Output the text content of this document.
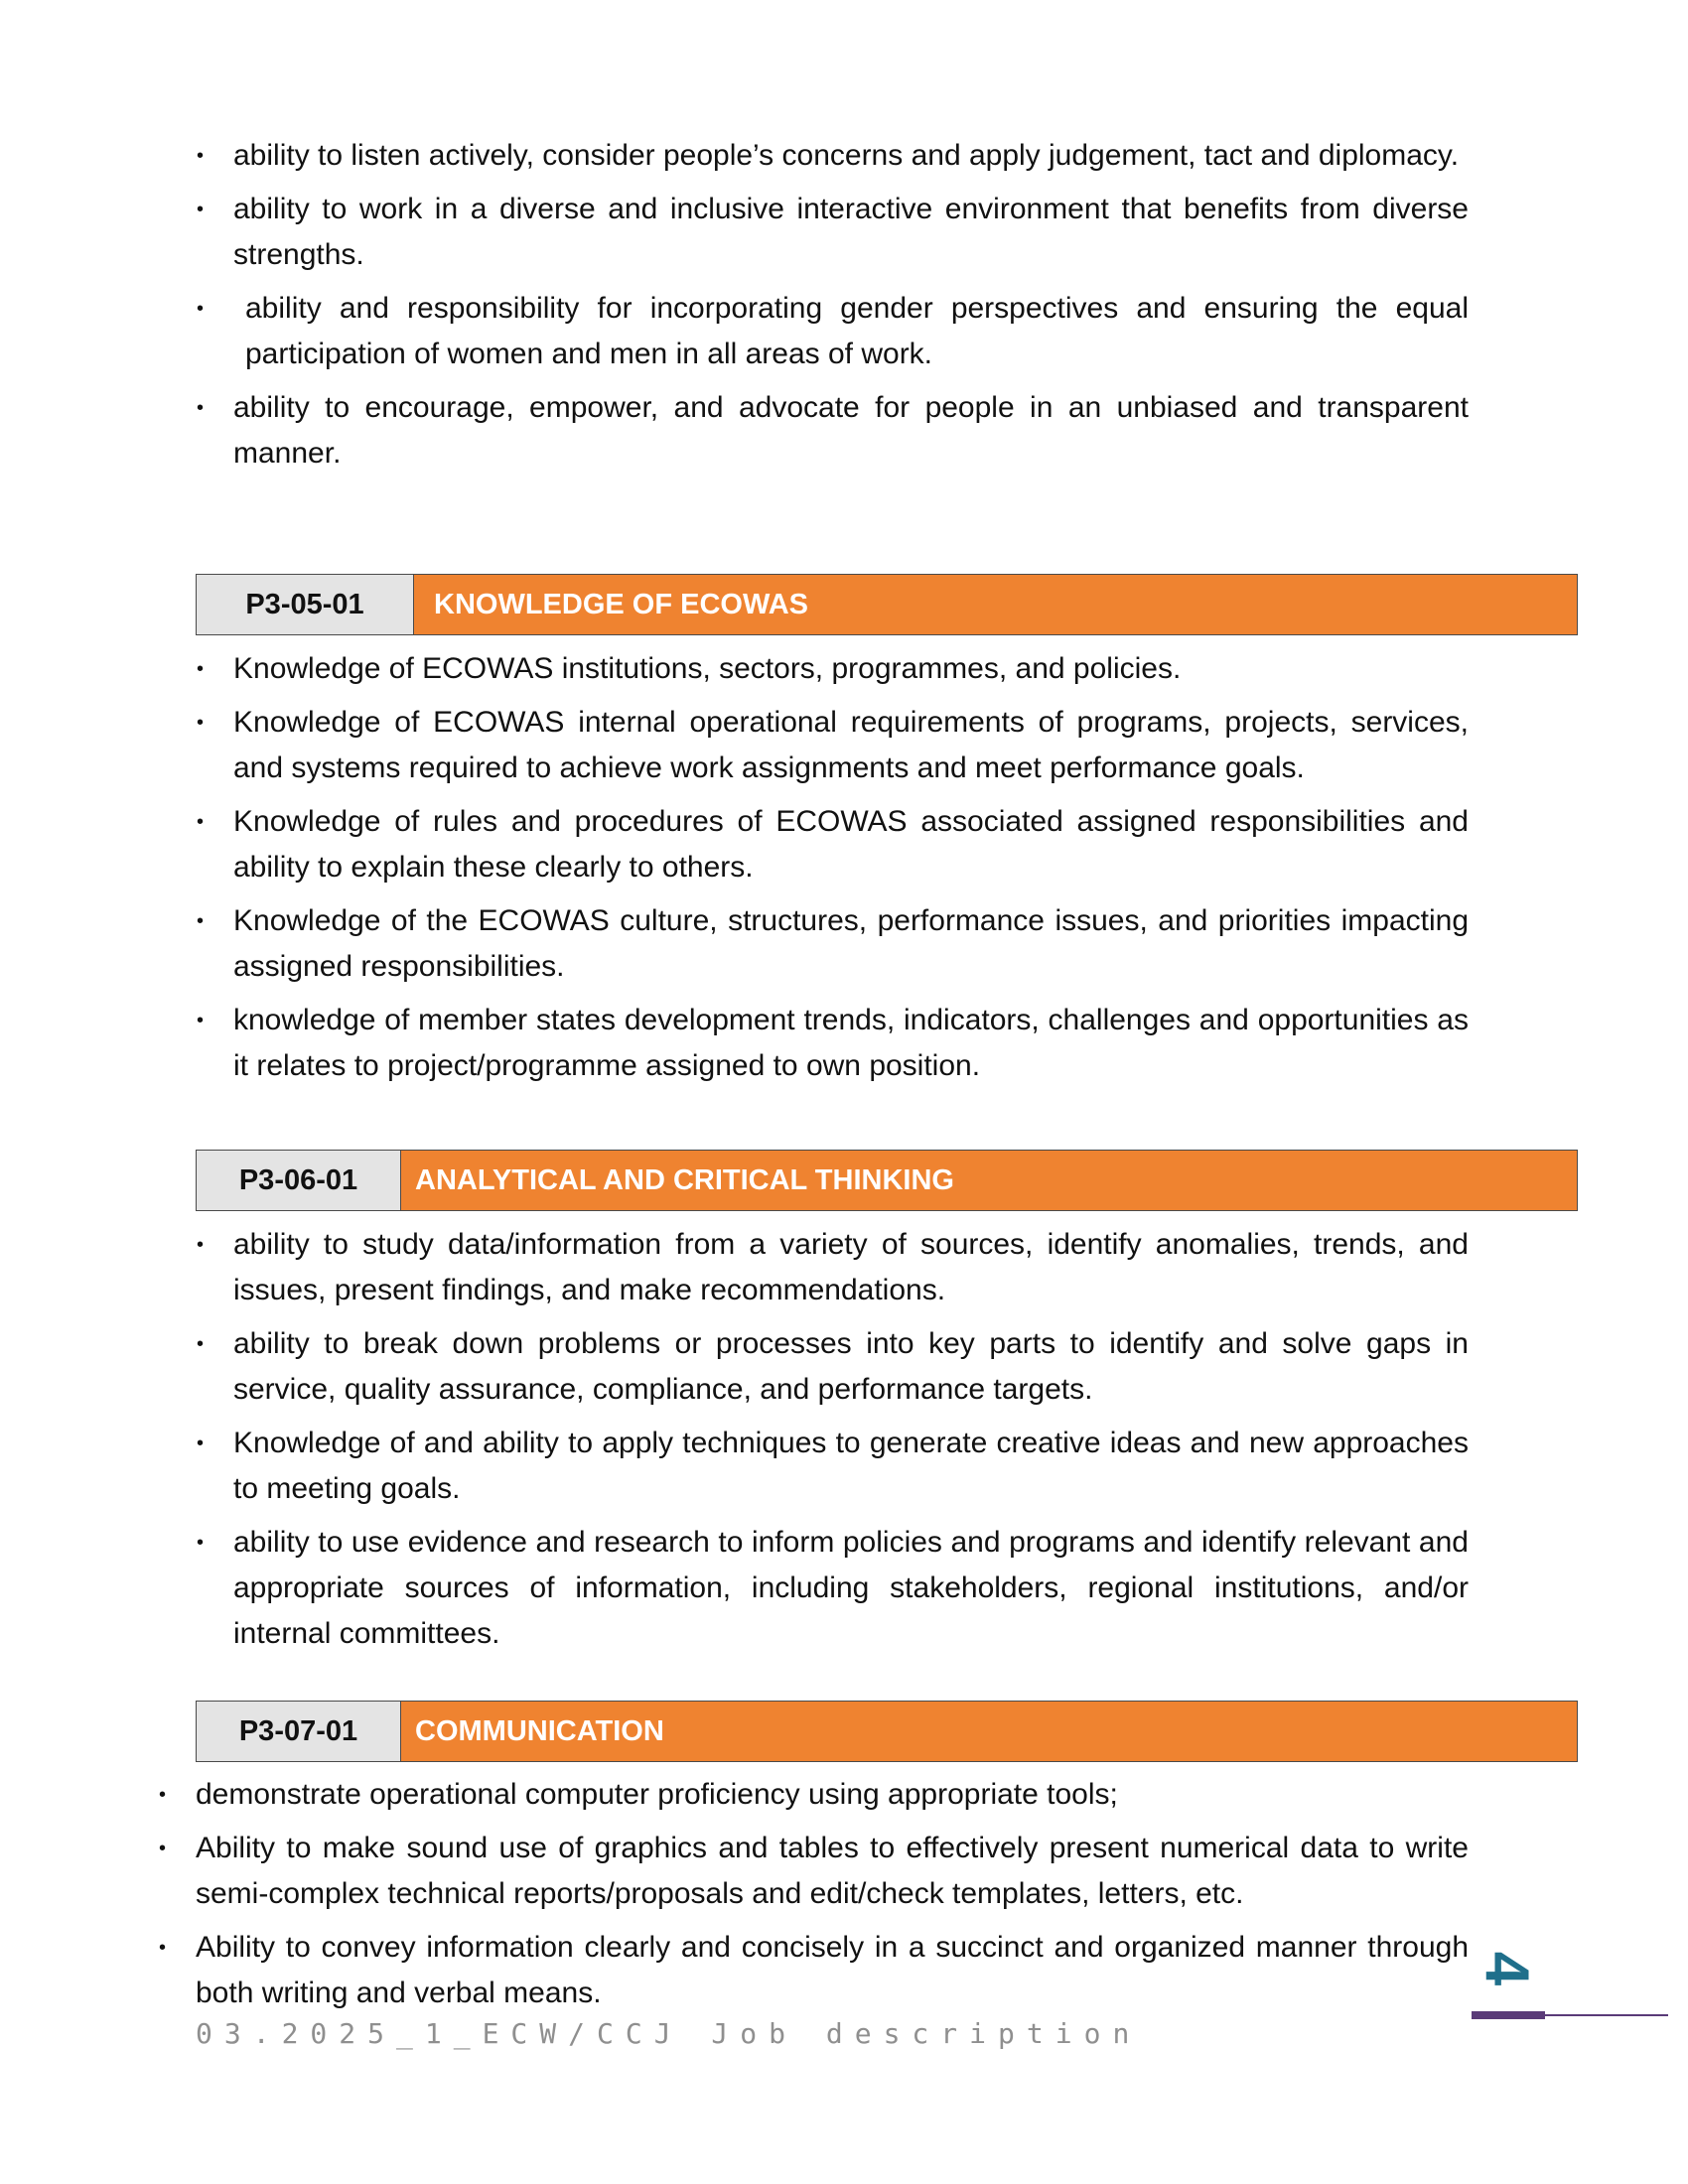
• ability to listen actively, consider people’s concerns and apply judgement, tact and diplomacy.
• ability to work in a diverse and inclusive interactive environment that benefits from diverse strengths.
• ability and responsibility for incorporating gender perspectives and ensuring the equal participation of women and men in all areas of work.
• ability to encourage, empower, and advocate for people in an unbiased and transparent manner.
P3-05-01	KNOWLEDGE OF ECOWAS
• Knowledge of ECOWAS institutions, sectors, programmes, and policies.
• Knowledge of ECOWAS internal operational requirements of programs, projects, services, and systems required to achieve work assignments and meet performance goals.
• Knowledge of rules and procedures of ECOWAS associated assigned responsibilities and ability to explain these clearly to others.
• Knowledge of the ECOWAS culture, structures, performance issues, and priorities impacting assigned responsibilities.
• knowledge of member states development trends, indicators, challenges and opportunities as it relates to project/programme assigned to own position.
P3-06-01	ANALYTICAL AND CRITICAL THINKING
• ability to study data/information from a variety of sources, identify anomalies, trends, and issues, present findings, and make recommendations.
• ability to break down problems or processes into key parts to identify and solve gaps in service, quality assurance, compliance, and performance targets.
• Knowledge of and ability to apply techniques to generate creative ideas and new approaches to meeting goals.
• ability to use evidence and research to inform policies and programs and identify relevant and appropriate sources of information, including stakeholders, regional institutions, and/or internal committees.
P3-07-01	COMMUNICATION
• demonstrate operational computer proficiency using appropriate tools;
• Ability to make sound use of graphics and tables to effectively present numerical data to write semi-complex technical reports/proposals and edit/check templates, letters, etc.
• Ability to convey information clearly and concisely in a succinct and organized manner through both writing and verbal means.
03.2025_1_ECW/CCJ Job description
4
